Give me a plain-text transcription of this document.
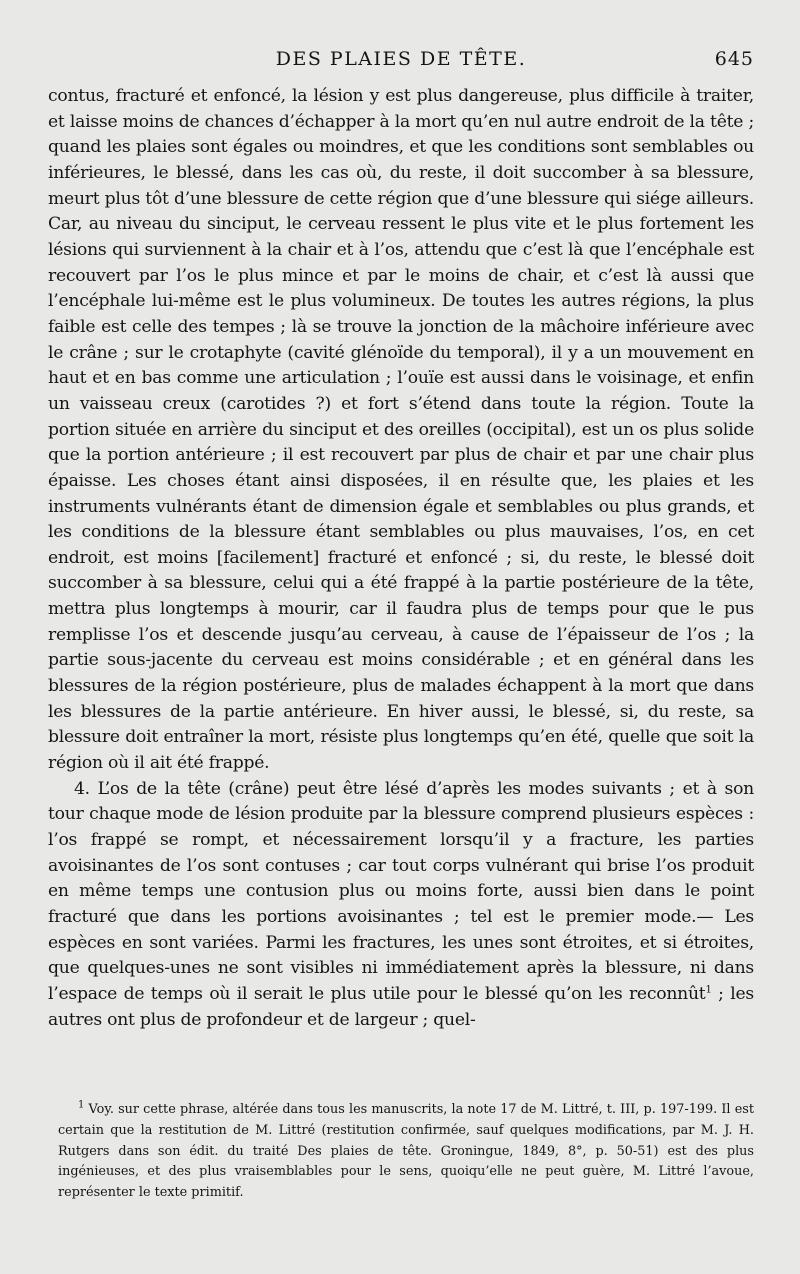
DES PLAIES DE TÊTE.	645

contus, fracturé et enfoncé, la lésion y est plus dangereuse, plus difficile à traiter, et laisse moins de chances d’échapper à la mort qu’en nul autre endroit de la tête ; quand les plaies sont égales ou moindres, et que les conditions sont semblables ou inférieures, le blessé, dans les cas où, du reste, il doit succomber à sa blessure, meurt plus tôt d’une blessure de cette région que d’une blessure qui siége ailleurs. Car, au niveau du sinciput, le cerveau ressent le plus vite et le plus fortement les lésions qui surviennent à la chair et à l’os, attendu que c’est là que l’encéphale est recouvert par l’os le plus mince et par le moins de chair, et c’est là aussi que l’encéphale lui-même est le plus volumineux. De toutes les autres régions, la plus faible est celle des tempes ; là se trouve la jonction de la mâchoire inférieure avec le crâne ; sur le crotaphyte (cavité glénoïde du temporal), il y a un mouvement en haut et en bas comme une articulation ; l’ouïe est aussi dans le voisinage, et enfin un vaisseau creux (carotides ?) et fort s’étend dans toute la région. Toute la portion située en arrière du sinciput et des oreilles (occipital), est un os plus solide que la portion antérieure ; il est recouvert par plus de chair et par une chair plus épaisse. Les choses étant ainsi disposées, il en résulte que, les plaies et les instruments vulnérants étant de dimension égale et semblables ou plus grands, et les conditions de la blessure étant semblables ou plus mauvaises, l’os, en cet endroit, est moins [facilement] fracturé et enfoncé ; si, du reste, le blessé doit succomber à sa blessure, celui qui a été frappé à la partie postérieure de la tête, mettra plus longtemps à mourir, car il faudra plus de temps pour que le pus remplisse l’os et descende jusqu’au cerveau, à cause de l’épaisseur de l’os ; la partie sous-jacente du cerveau est moins considérable ; et en général dans les blessures de la région postérieure, plus de malades échappent à la mort que dans les blessures de la partie antérieure. En hiver aussi, le blessé, si, du reste, sa blessure doit entraîner la mort, résiste plus longtemps qu’en été, quelle que soit la région où il ait été frappé.

4. L’os de la tête (crâne) peut être lésé d’après les modes suivants ; et à son tour chaque mode de lésion produite par la blessure comprend plusieurs espèces : l’os frappé se rompt, et nécessairement lorsqu’il y a fracture, les parties avoisinantes de l’os sont contuses ; car tout corps vulnérant qui brise l’os produit en même temps une contusion plus ou moins forte, aussi bien dans le point fracturé que dans les portions avoisinantes ; tel est le premier mode.— Les espèces en sont variées. Parmi les fractures, les unes sont étroites, et si étroites, que quelques-unes ne sont visibles ni immédiatement après la blessure, ni dans l’espace de temps où il serait le plus utile pour le blessé qu’on les reconnût$^1$ ; les autres ont plus de profondeur et de largeur ; quel-

$^1$ Voy. sur cette phrase, altérée dans tous les manuscrits, la note 17 de M. Littré, t. III, p. 197-199. Il est certain que la restitution de M. Littré (restitution confirmée, sauf quelques modifications, par M. J. H. Rutgers dans son édit. du traité Des plaies de tête. Groningue, 1849, 8°, p. 50-51) est des plus ingénieuses, et des plus vraisemblables pour le sens, quoiqu’elle ne peut guère, M. Littré l’avoue, représenter le texte primitif.
